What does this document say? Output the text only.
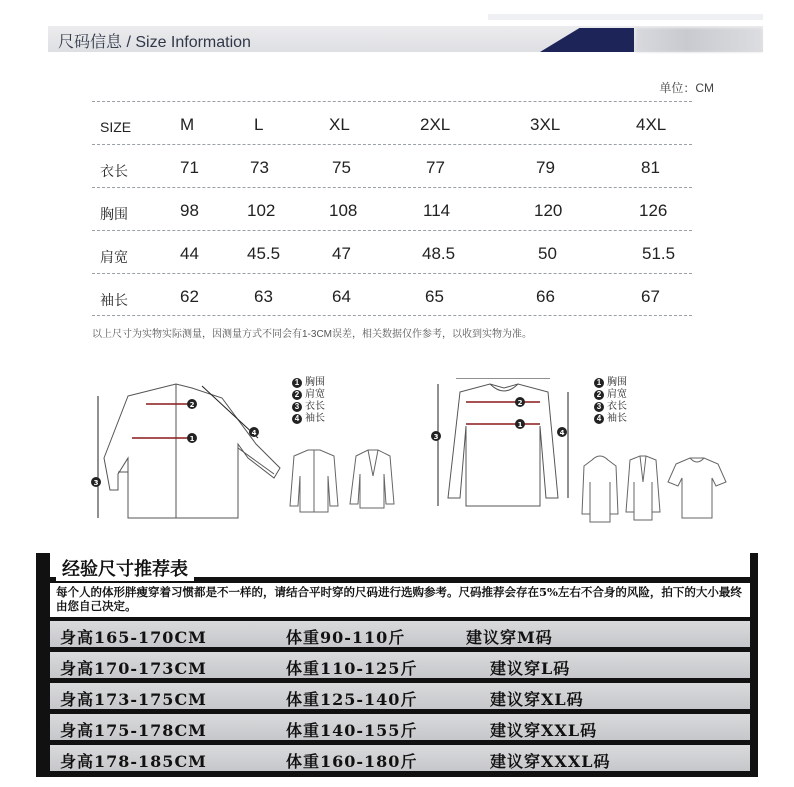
尺码信息 / Size Information
单位：CM
SIZE	M	L	XL	2XL	3XL	4XL
衣长	71	73	75	77	79	81
胸围	98	102	108	114	120	126
肩宽	44	45.5	47	48.5	50	51.5
袖长	62	63	64	65	66	67
以上尺寸为实物实际测量，因测量方式不同会有1-3CM误差，相关数据仅作参考，以收到实物为准。
1
2
3
4
1 胸围
2 肩宽
3 衣长
4 袖长
1
2
3	4
1 胸围
2 肩宽
3 衣长
4 袖长
经验尺寸推荐表
每个人的体形胖瘦穿着习惯都是不一样的，请结合平时穿的尺码进行选购参考。尺码推荐会存在5%左右不合身的风险，拍下的大小最终由您自己决定。
身高165-170CM	体重90-110斤	建议穿M码
身高170-173CM	体重110-125斤	建议穿L码
身高173-175CM	体重125-140斤	建议穿XL码
身高175-178CM	体重140-155斤	建议穿XXL码
身高178-185CM	体重160-180斤	建议穿XXXL码
